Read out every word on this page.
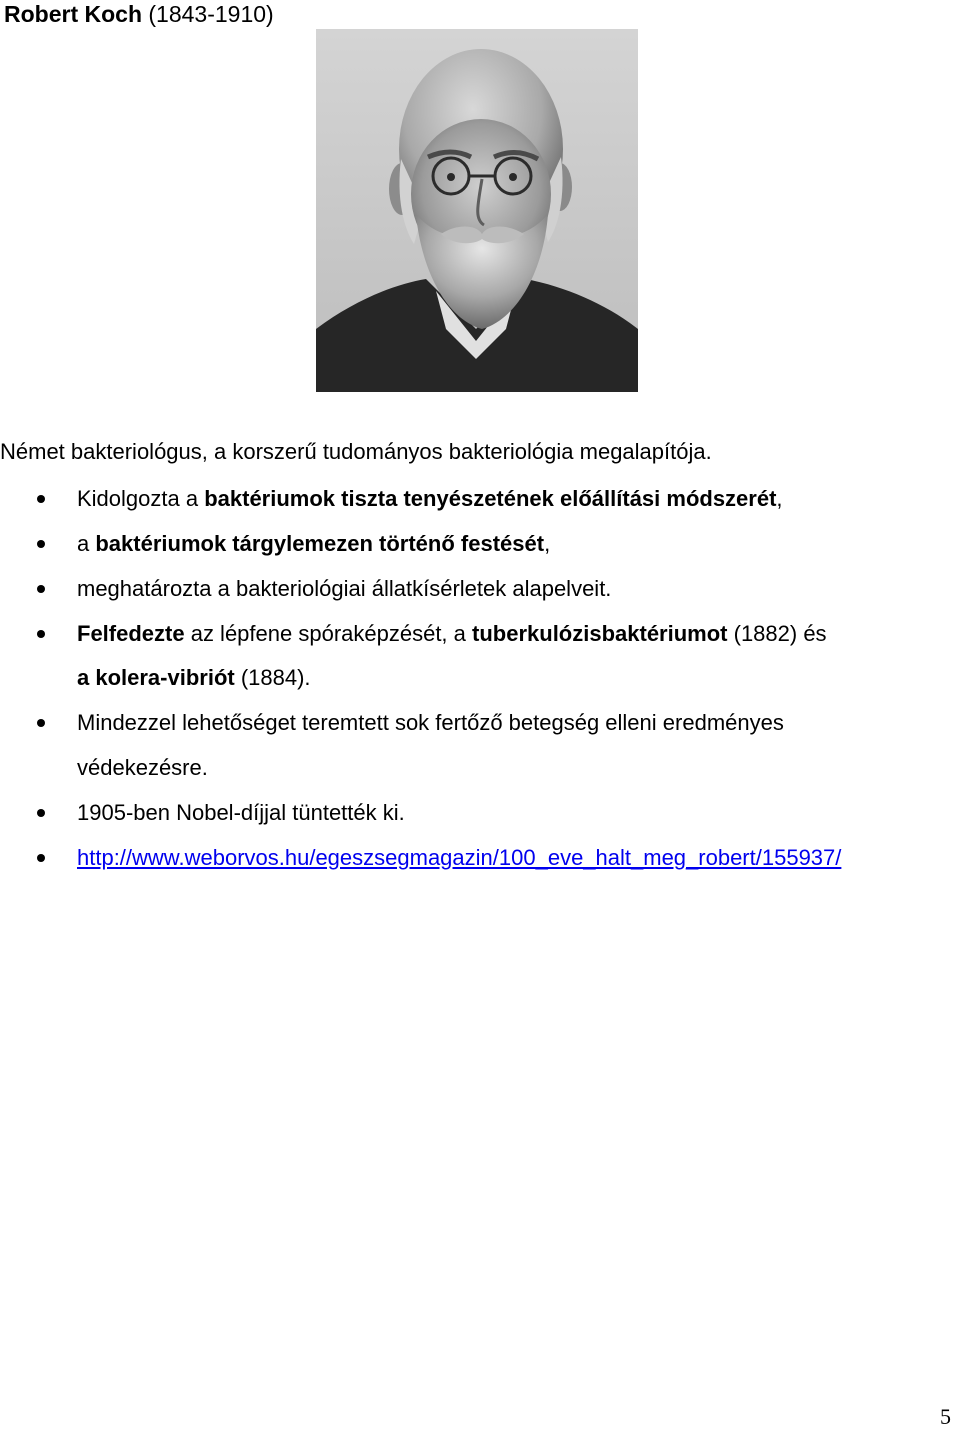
Robert Koch (1843-1910)
Német bakteriológus, a korszerű tudományos bakteriológia megalapítója.
Kidolgozta a baktériumok tiszta tenyészetének előállítási módszerét,
a baktériumok tárgylemezen történő festését,
meghatározta a bakteriológiai állatkísérletek alapelveit.
Felfedezte az lépfene spóraképzését, a tuberkulózisbaktériumot (1882) és
a kolera-vibriót (1884).
Mindezzel lehetőséget teremtett sok fertőző betegség elleni eredményes
védekezésre.
1905-ben Nobel-díjjal tüntették ki.
http://www.weborvos.hu/egeszsegmagazin/100_eve_halt_meg_robert/155937/
5
